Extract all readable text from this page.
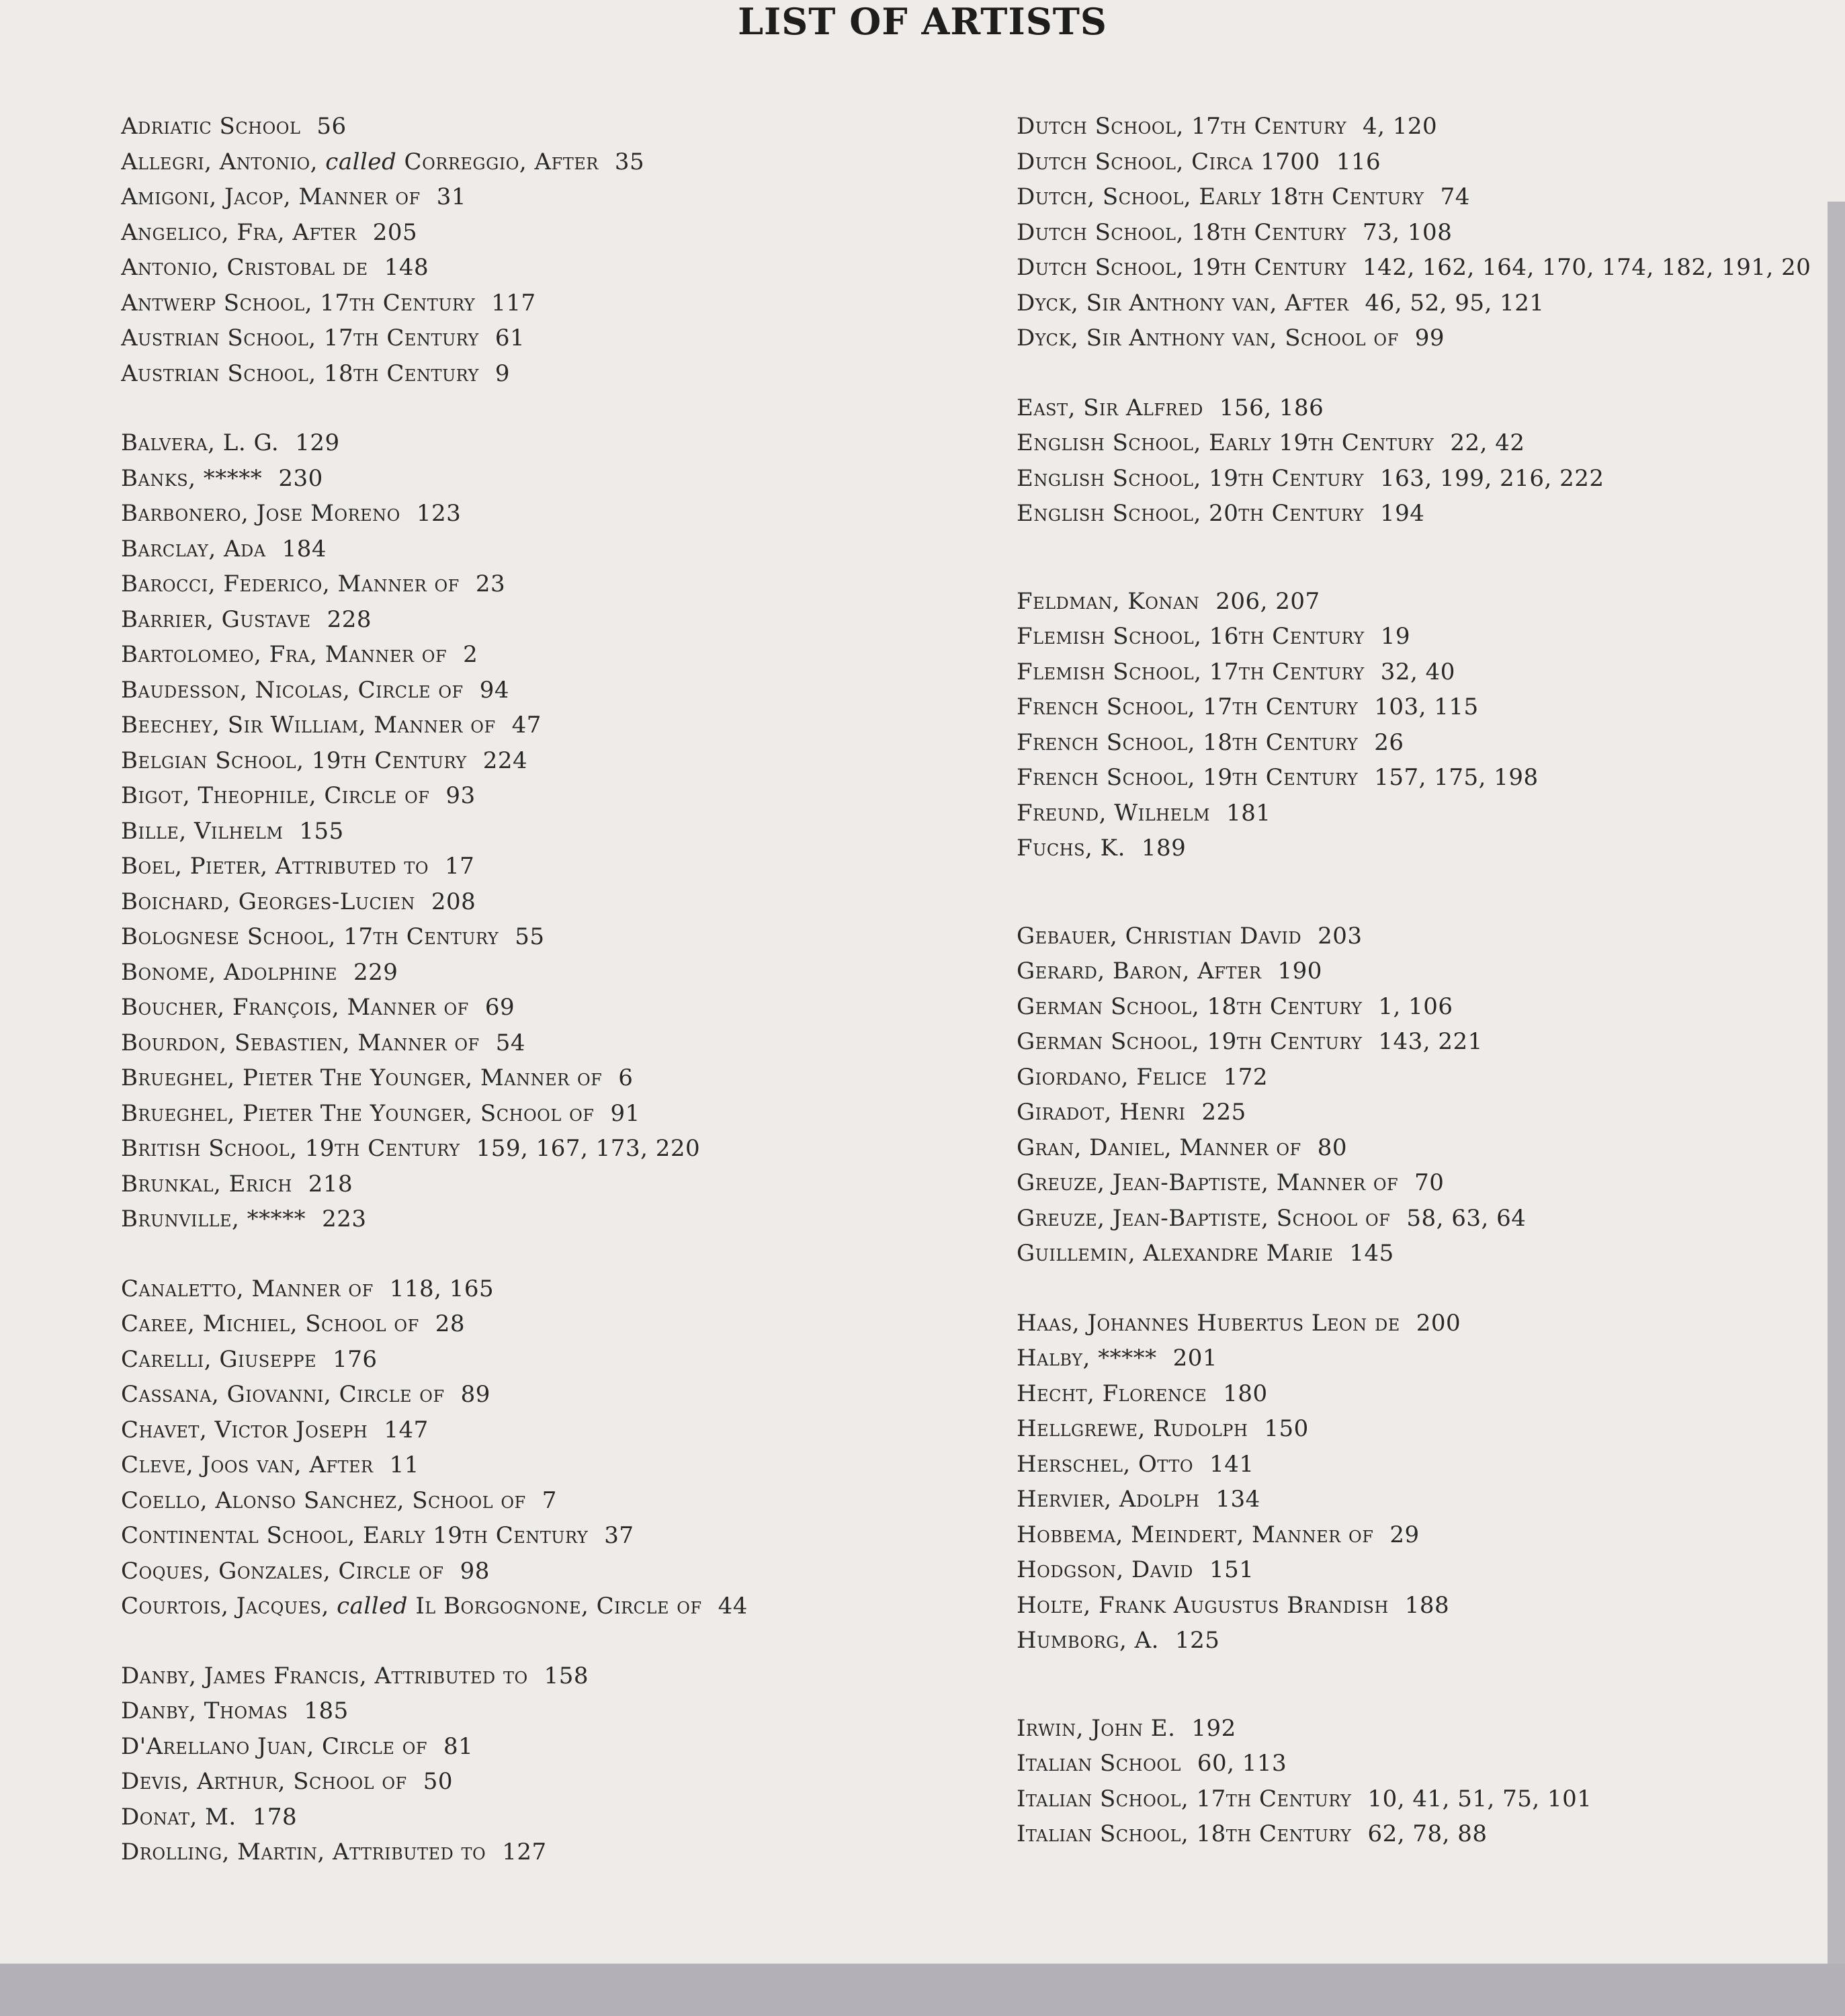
LIST OF ARTISTS
Adriatic School 56
Allegri, Antonio, called Correggio, After 35
Amigoni, Jacop, Manner of 31
Angelico, Fra, After 205
Antonio, Cristobal de 148
Antwerp School, 17th Century 117
Austrian School, 17th Century 61
Austrian School, 18th Century 9
Balvera, L. G. 129
Banks, ***** 230
Barbonero, Jose Moreno 123
Barclay, Ada 184
Barocci, Federico, Manner of 23
Barrier, Gustave 228
Bartolomeo, Fra, Manner of 2
Baudesson, Nicolas, Circle of 94
Beechey, Sir William, Manner of 47
Belgian School, 19th Century 224
Bigot, Theophile, Circle of 93
Bille, Vilhelm 155
Boel, Pieter, Attributed to 17
Boichard, Georges-Lucien 208
Bolognese School, 17th Century 55
Bonome, Adolphine 229
Boucher, François, Manner of 69
Bourdon, Sebastien, Manner of 54
Brueghel, Pieter The Younger, Manner of 6
Brueghel, Pieter The Younger, School of 91
British School, 19th Century 159, 167, 173, 220
Brunkal, Erich 218
Brunville, ***** 223
Canaletto, Manner of 118, 165
Caree, Michiel, School of 28
Carelli, Giuseppe 176
Cassana, Giovanni, Circle of 89
Chavet, Victor Joseph 147
Cleve, Joos van, After 11
Coello, Alonso Sanchez, School of 7
Continental School, Early 19th Century 37
Coques, Gonzales, Circle of 98
Courtois, Jacques, called Il Borgognone, Circle of 44
Danby, James Francis, Attributed to 158
Danby, Thomas 185
D'Arellano Juan, Circle of 81
Devis, Arthur, School of 50
Donat, M. 178
Drolling, Martin, Attributed to 127
Dutch School, 17th Century 4, 120
Dutch School, Circa 1700 116
Dutch, School, Early 18th Century 74
Dutch School, 18th Century 73, 108
Dutch School, 19th Century 142, 162, 164, 170, 174, 182, 191, 20
Dyck, Sir Anthony van, After 46, 52, 95, 121
Dyck, Sir Anthony van, School of 99
East, Sir Alfred 156, 186
English School, Early 19th Century 22, 42
English School, 19th Century 163, 199, 216, 222
English School, 20th Century 194
Feldman, Konan 206, 207
Flemish School, 16th Century 19
Flemish School, 17th Century 32, 40
French School, 17th Century 103, 115
French School, 18th Century 26
French School, 19th Century 157, 175, 198
Freund, Wilhelm 181
Fuchs, K. 189
Gebauer, Christian David 203
Gerard, Baron, After 190
German School, 18th Century 1, 106
German School, 19th Century 143, 221
Giordano, Felice 172
Giradot, Henri 225
Gran, Daniel, Manner of 80
Greuze, Jean-Baptiste, Manner of 70
Greuze, Jean-Baptiste, School of 58, 63, 64
Guillemin, Alexandre Marie 145
Haas, Johannes Hubertus Leon de 200
Halby, ***** 201
Hecht, Florence 180
Hellgrewe, Rudolph 150
Herschel, Otto 141
Hervier, Adolph 134
Hobbema, Meindert, Manner of 29
Hodgson, David 151
Holte, Frank Augustus Brandish 188
Humborg, A. 125
Irwin, John E. 192
Italian School 60, 113
Italian School, 17th Century 10, 41, 51, 75, 101
Italian School, 18th Century 62, 78, 88
